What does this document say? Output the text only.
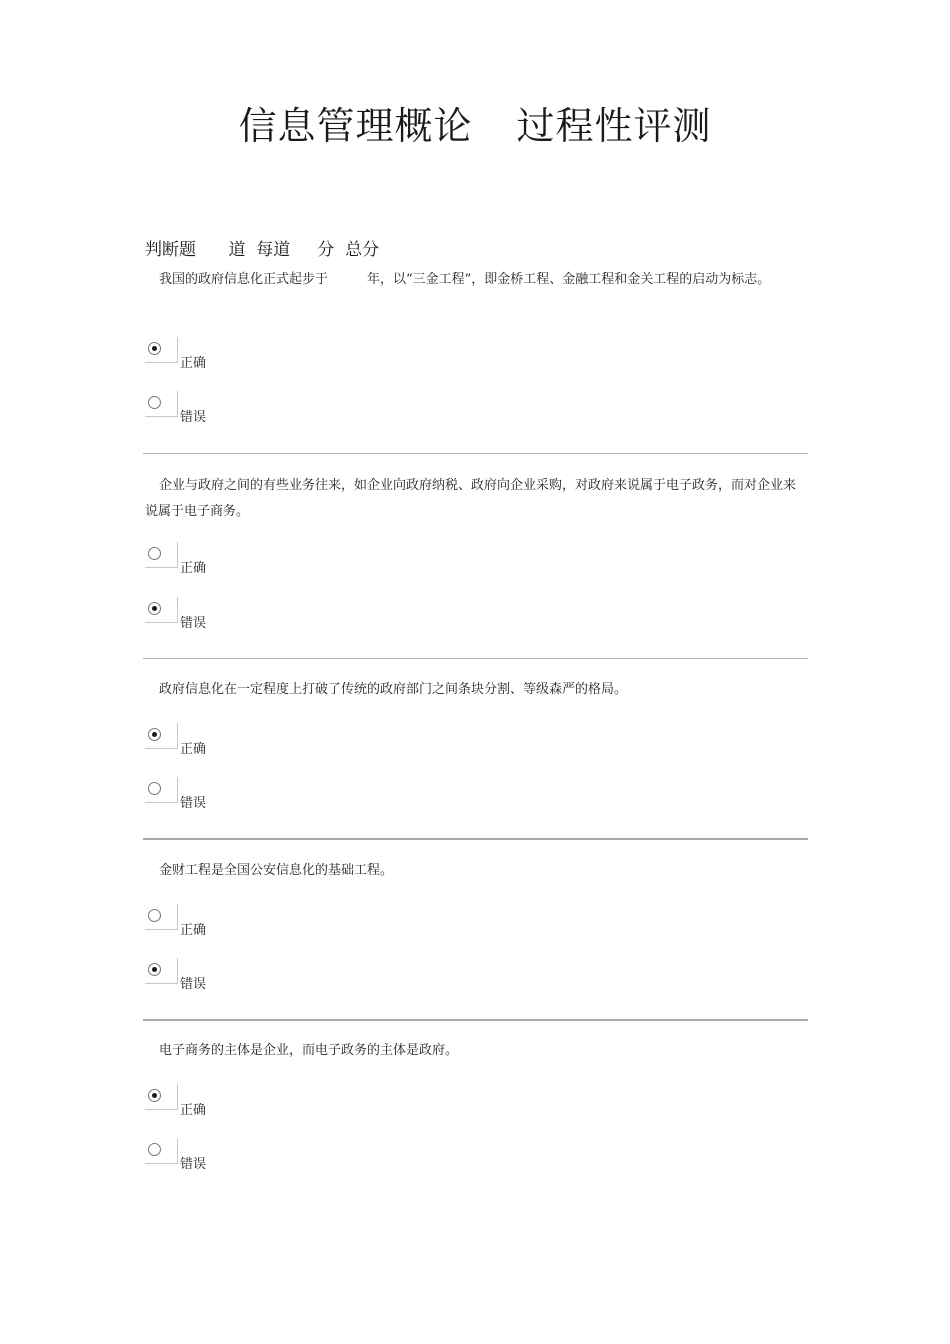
信息管理概论 过程性评测
判断题 道 每道 分 总分

我国的政府信息化正式起步于　　　年，以“三金工程”，即金桥工程、金融工程和金关工程的启动为标志。

正确
错误

企业与政府之间的有些业务往来，如企业向政府纳税、政府向企业采购，对政府来说属于电子政务，而对企业来说属于电子商务。

正确
错误

政府信息化在一定程度上打破了传统的政府部门之间条块分割、等级森严的格局。

正确
错误

金财工程是全国公安信息化的基础工程。

正确
错误

电子商务的主体是企业，而电子政务的主体是政府。

正确
错误
